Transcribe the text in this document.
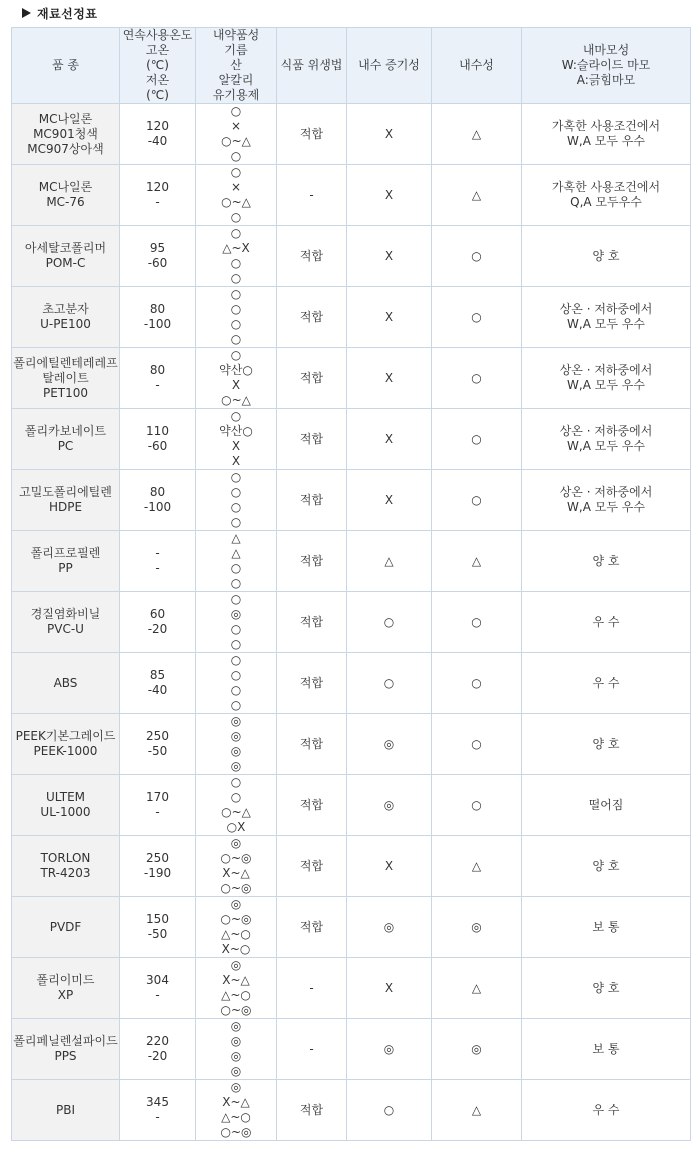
재료선정표
품 종	연속사용온도
고온
(℃)
저온
(℃)	내약품성
기름
산
알칼리
유기용제	식품 위생법	내수 증기성	내수성	내마모성
W:슬라이드 마모
A:긁힘마모

MC나일론
MC901청색
MC907상아색	120
-40	○
×
○~△
○	적합	X	△	가혹한 사용조건에서
W,A 모두 우수

MC나일론
MC-76	120
-	○
×
○~△
○	-	X	△	가혹한 사용조건에서
Q,A 모두우수

아세탈코폴리머
POM-C	95
-60	○
△~X
○
○	적합	X	○	양 호

초고분자
U-PE100	80
-100	○
○
○
○	적합	X	○	상온 · 저하중에서
W,A 모두 우수

폴리에틸렌테레레프
탈레이트
PET100	80
-	○
약산○
X
○~△	적합	X	○	상온 · 저하중에서
W,A 모두 우수

폴리카보네이트
PC	110
-60	○
약산○
X
X	적합	X	○	상온 · 저하중에서
W,A 모두 우수

고밀도폴리에틸렌
HDPE	80
-100	○
○
○
○	적합	X	○	상온 · 저하중에서
W,A 모두 우수

폴리프로필렌
PP	-
-	△
△
○
○	적합	△	△	양 호

경질염화비닐
PVC-U	60
-20	○
◎
○
○	적합	○	○	우 수

ABS	85
-40	○
○
○
○	적합	○	○	우 수

PEEK기본그레이드
PEEK-1000	250
-50	◎
◎
◎
◎	적합	◎	○	양 호

ULTEM
UL-1000	170
-	○
○
○~△
○X	적합	◎	○	떨어짐

TORLON
TR-4203	250
-190	◎
○~◎
X~△
○~◎	적합	X	△	양 호

PVDF	150
-50	◎
○~◎
△~○
X~○	적합	◎	◎	보 통

폴리이미드
XP	304
-	◎
X~△
△~○
○~◎	-	X	△	양 호

폴리페닐렌설파이드
PPS	220
-20	◎
◎
◎
◎	-	◎	◎	보 통

PBI	345
-	◎
X~△
△~○
○~◎	적합	○	△	우 수
